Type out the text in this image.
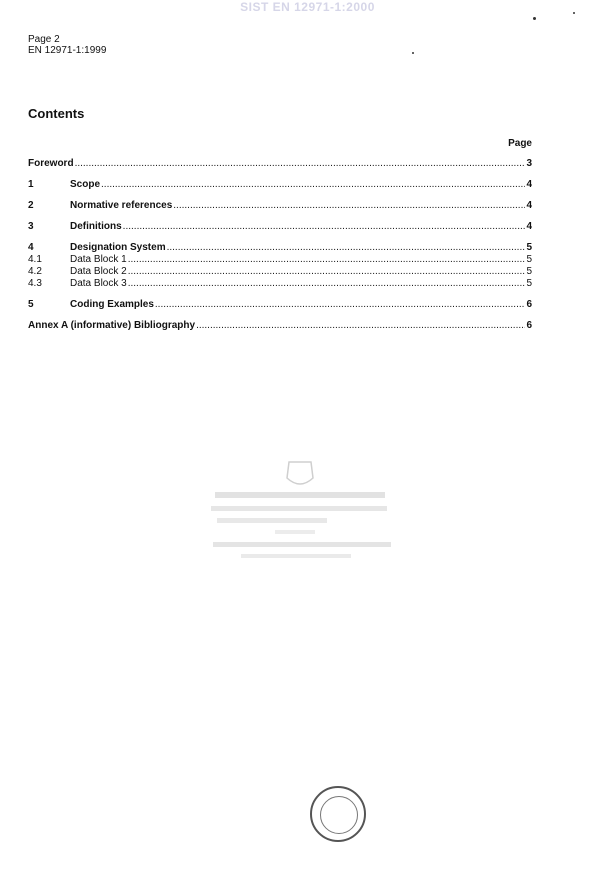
SIST EN 12971-1:2000
Page 2
EN 12971-1:1999
Contents
Page
Foreword .....	3
1	Scope .....	4
2	Normative references .....	4
3	Definitions .....	4
4	Designation System .....	5
4.1	Data Block 1 .....	5
4.2	Data Block 2 .....	5
4.3	Data Block 3 .....	5
5	Coding Examples .....	6
Annex A (informative) Bibliography .....	6
